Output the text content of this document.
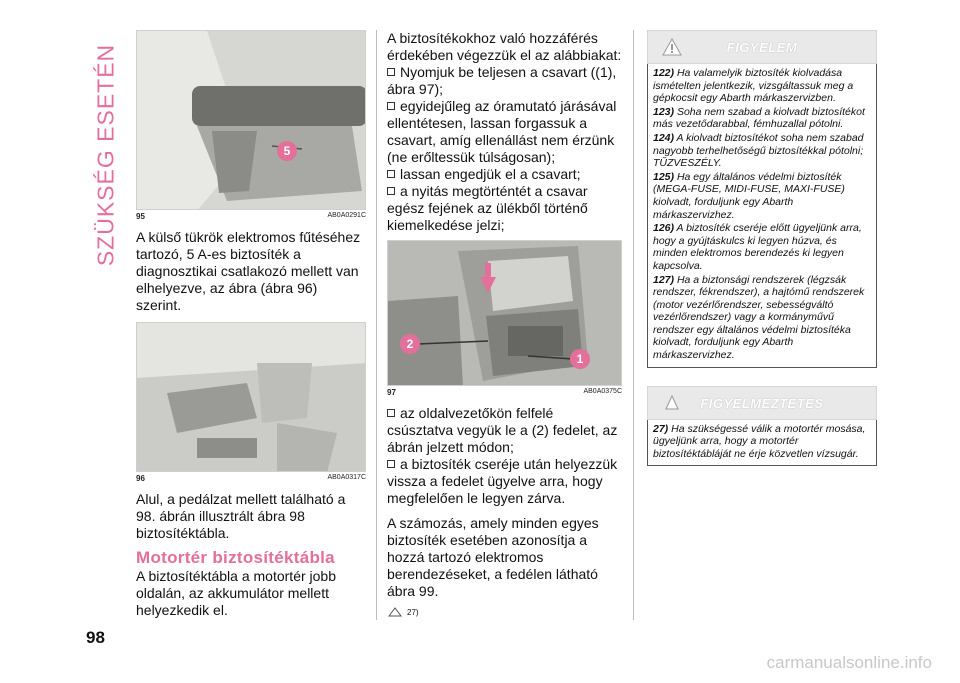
SZÜKSÉG ESETÉN	5
95	AB0A0291C

A külső tükrök elektromos fűtéséhez tartozó, 5 A-es biztosíték a diagnosztikai csatlakozó mellett van elhelyezve, az ábra (ábra 96) szerint.

96	AB0A0317C

Alul, a pedálzat mellett található a 98. ábrán illusztrált ábra 98 biztosítéktábla.

Motortér biztosítéktábla

A biztosítéktábla a motortér jobb oldalán, az akkumulátor mellett helyezkedik el.

A biztosítékokhoz való hozzáférés érdekében végezzük el az alábbiakat:

Nyomjuk be teljesen a csavart ((1), ábra 97);
egyidejűleg az óramutató járásával ellentétesen, lassan forgassuk a csavart, amíg ellenállást nem érzünk (ne erőltessük túlságosan);
lassan engedjük el a csavart;
a nyitás megtörténtét a csavar egész fejének az ülékből történő kiemelkedése jelzi;
2
1
97	AB0A0375C
az oldalvezetőkön felfelé csúsztatva vegyük le a (2) fedelet, az ábrán jelzett módon;
a biztosíték cseréje után helyezzük vissza a fedelet ügyelve arra, hogy megfelelően le legyen zárva.

A számozás, amely minden egyes biztosíték esetében azonosítja a hozzá tartozó elektromos berendezéseket, a fedélen látható ábra 99.

27)
FIGYELEM
122) Ha valamelyik biztosíték kiolvadása ismételten jelentkezik, vizsgáltassuk meg a gépkocsit egy Abarth márkaszervizben.
123) Soha nem szabad a kiolvadt biztosítékot más vezetődarabbal, fémhuzallal pótolni.
124) A kiolvadt biztosítékot soha nem szabad nagyobb terhelhetőségű biztosítékkal pótolni; TŰZVESZÉLY.
125) Ha egy általános védelmi biztosíték (MEGA-FUSE, MIDI-FUSE, MAXI-FUSE) kiolvadt, forduljunk egy Abarth márkaszervizhez.
126) A biztosíték cseréje előtt ügyeljünk arra, hogy a gyújtáskulcs ki legyen húzva, és minden elektromos berendezés ki legyen kapcsolva.
127) Ha a biztonsági rendszerek (légzsák rendszer, fékrendszer), a hajtómű rendszerek (motor vezérlőrendszer, sebességváltó vezérlőrendszer) vagy a kormányművű rendszer egy általános védelmi biztosítéka kiolvadt, forduljunk egy Abarth márkaszervizhez.
FIGYELMEZTETÉS
27) Ha szükségessé válik a motortér mosása, ügyeljünk arra, hogy a motortér biztosítéktábláját ne érje közvetlen vízsugár.
98
carmanualsonline.info
